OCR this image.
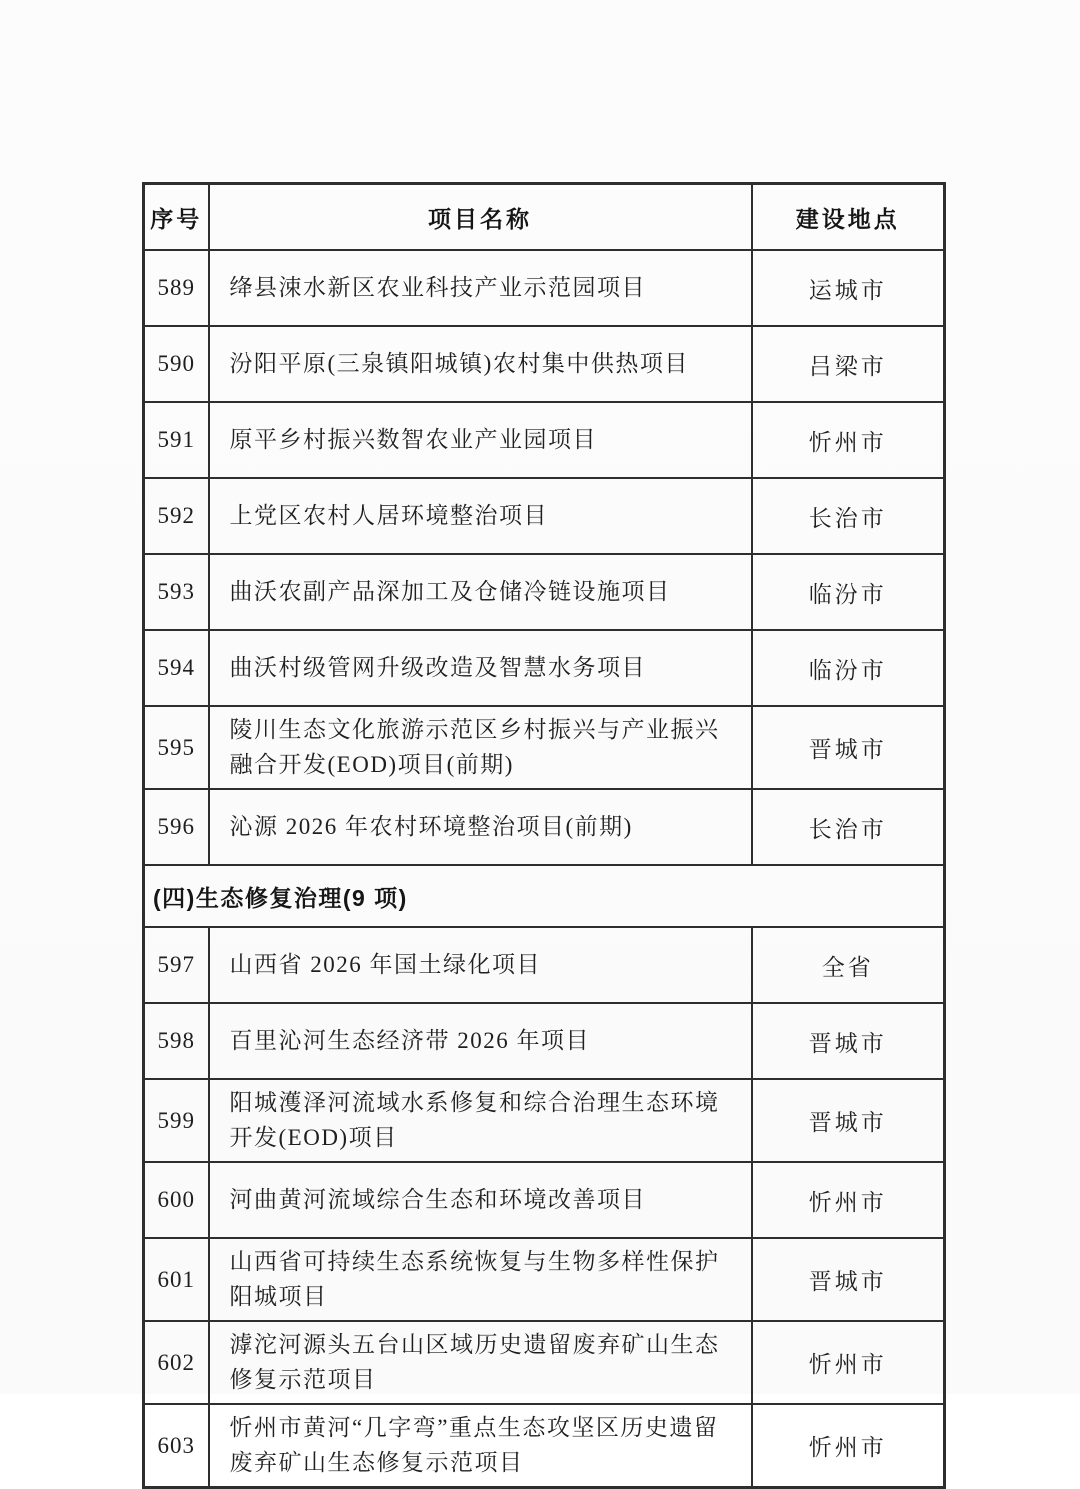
序号	项目名称	建设地点
589	绛县涑水新区农业科技产业示范园项目	运城市
590	汾阳平原(三泉镇阳城镇)农村集中供热项目	吕梁市
591	原平乡村振兴数智农业产业园项目	忻州市
592	上党区农村人居环境整治项目	长治市
593	曲沃农副产品深加工及仓储冷链设施项目	临汾市
594	曲沃村级管网升级改造及智慧水务项目	临汾市
595	陵川生态文化旅游示范区乡村振兴与产业振兴融合开发(EOD)项目(前期)	晋城市
596	沁源 2026 年农村环境整治项目(前期)	长治市
(四)生态修复治理(9 项)		
597	山西省 2026 年国土绿化项目	全省
598	百里沁河生态经济带 2026 年项目	晋城市
599	阳城濩泽河流域水系修复和综合治理生态环境开发(EOD)项目	晋城市
600	河曲黄河流域综合生态和环境改善项目	忻州市
601	山西省可持续生态系统恢复与生物多样性保护阳城项目	晋城市
602	滹沱河源头五台山区域历史遗留废弃矿山生态修复示范项目	忻州市
603	忻州市黄河“几字弯”重点生态攻坚区历史遗留废弃矿山生态修复示范项目	忻州市
